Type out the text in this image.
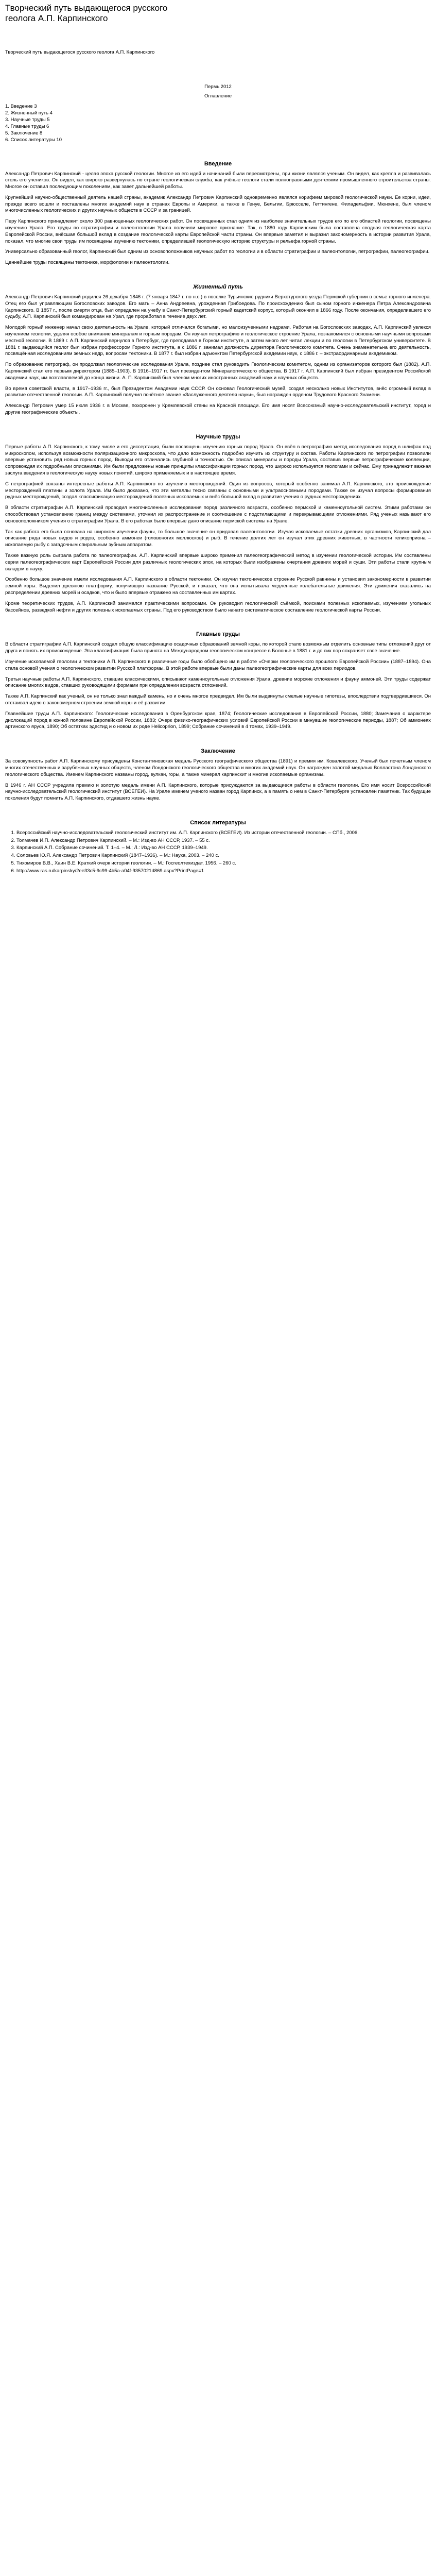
Творческий путь выдающегося русского геолога А.П. Карпинского
Творческий путь выдающегося русского геолога А.П. Карпинского
Пермь 2012
Оглавление
1. Введение 3
2. Жизненный путь 4
3. Научные труды 5
4. Главные труды 6
5. Заключение 8
6. Список литературы 10
Введение

Александр Петрович Карпинский - целая эпоха русской геологии. Многое из его идей и начинаний были пересмотрены, при жизни являлся ученым. Он видел, как крепла и развивалась столь его учеников. Он видел, как широко развернулась по стране геологическая служба, как учёные геологи стали полноправными деятелями промышленного строительства страны. Многое он оставил последующим поколениям, как завет дальнейшей работы.

Крупнейший научно-общественный деятель нашей страны, академик Александр Петрович Карпинский одновременно являлся корифеем мировой геологической науки. Ее корни, идеи, прежде всего вошли и поставлены многих академий наук в странах Европы и Америки, а также в Генуе, Бельгии, Брюсселе, Геттингене, Филадельфии, Мюнхене, был членом многочисленных геологических и других научных обществ в СССР и за границей.

Перу Карпинского принадлежит около 300 равноценных геологических работ. Он посвященных стал одним из наиболее значительных трудов его по его областей геологии, посвящены изучению Урала. Его труды по стратиграфии и палеонтологии Урала получили мировое признание. Так, в 1880 году Карпинским была составлена сводная геологическая карта Европейской России, внёсшая большой вклад в создание геологической карты Европейской части страны. Он впервые заметил и выразил закономерность в истории развития Урала, показал, что многие свои труды им посвящены изучению тектоники, определившей геологическую историю структуры и рельефа горной страны.

Универсально образованный геолог, Карпинский был одним из основоположников научных работ по геологии и в области стратиграфии и палеонтологии, петрографии, палеогеографии.

Ценнейшие труды посвящены тектонике, морфологии и палеонтологии.

Жизненный путь

Александр Петрович Карпинский родился 26 декабря 1846 г. (7 января 1847 г. по н.с.) в поселке Турьинские рудники Верхотурского уезда Пермской губернии в семье горного инженера. Отец его был управляющим Богословских заводов. Его мать – Анна Андреевна, урожденная Грибоедова. По происхождению был сыном горного инженера Петра Александровича Карпинского. В 1857 г., после смерти отца, был определен на учебу в Санкт-Петербургский горный кадетский корпус, который окончил в 1866 году. После окончания, определившего его судьбу, А.П. Карпинский был командирован на Урал, где проработал в течение двух лет.

Молодой горный инженер начал свою деятельность на Урале, который отличался богатыми, но малоизученными недрами. Работая на Богословских заводах, А.П. Карпинский увлекся изучением геологии, уделяя особое внимание минералам и горным породам. Он изучал петрографию и геологическое строение Урала, познакомился с основными научными вопросами местной геологии. В 1869 г. А.П. Карпинский вернулся в Петербург, где преподавал в Горном институте, а затем много лет читал лекции и по геологии в Петербургском университете. В 1881 г. выдающийся геолог был избран профессором Горного института, а с 1886 г. занимал должность директора Геологического комитета. Очень знаменательна его деятельность, посвящённая исследованиям земных недр, вопросам тектоники. В 1877 г. был избран адъюнктом Петербургской академии наук, с 1886 г. – экстраординарным академиком.

По образованию петрограф, он продолжал геологические исследования Урала, позднее стал руководить Геологическим комитетом, одним из организаторов которого был (1882). А.П. Карпинский стал его первым директором (1885–1903). В 1916–1917 гг. был президентом Минералогического общества. В 1917 г. А.П. Карпинский был избран президентом Российской академии наук, им возглавляемой до конца жизни. А. П. Карпинский был членом многих иностранных академий наук и научных обществ.

Во время советской власти, в 1917–1936 гг., был Президентом Академии наук СССР. Он основал Геологический музей, создал несколько новых Институтов, внёс огромный вклад в развитие отечественной геологии. А.П. Карпинский получил почётное звание «Заслуженного деятеля науки», был награжден орденом Трудового Красного Знамени.

Александр Петрович умер 15 июля 1936 г. в Москве, похоронен у Кремлевской стены на Красной площади. Его имя носят Всесоюзный научно-исследовательский институт, город и другие географические объекты.

Научные труды

Первые работы А.П. Карпинского, к тому числе и его диссертация, были посвящены изучению горных пород Урала. Он ввёл в петрографию метод исследования пород в шлифах под микроскопом, используя возможности поляризационного микроскопа, что дало возможность подробно изучить их структуру и состав. Работы Карпинского по петрографии позволили впервые установить ряд новых горных пород. Выводы его отличались глубиной и точностью. Он описал минералы и породы Урала, составив первые петрографические коллекции, сопровождая их подробными описаниями. Им были предложены новые принципы классификации горных пород, что широко используется геологами и сейчас. Ему принадлежит важная заслуга введения в геологическую науку новых понятий, широко применяемых и в настоящее время.

С петрографией связаны интересные работы А.П. Карпинского по изучению месторождений. Один из вопросов, который особенно занимал А.П. Карпинского, это происхождение месторождений платины и золота Урала. Им было доказано, что эти металлы тесно связаны с основными и ультраосновными породами. Также он изучал вопросы формирования рудных месторождений, создал классификацию месторождений полезных ископаемых и внёс большой вклад в развитие учения о рудных месторождениях.

В области стратиграфии А.П. Карпинский проводил многочисленные исследования пород различного возраста, особенно пермской и каменноугольной систем. Этими работами он способствовал установлению границ между системами, уточнил их распространение и соотношение с подстилающими и перекрывающими отложениями. Ряд ученых называют его основоположником учения о стратиграфии Урала. В его работах было впервые дано описание пермской системы на Урале.

Так как работа его была основана на широком изучении фауны, то большое значение он придавал палеонтологии. Изучая ископаемые остатки древних организмов, Карпинский дал описание ряда новых видов и родов, особенно аммонеи (головоногих моллюсков) и рыб. В течение долгих лет он изучал этих древних животных, в частности геликоприона – ископаемую рыбу с загадочным спиральным зубным аппаратом.

Также важную роль сыграла работа по палеогеографии. А.П. Карпинский впервые широко применил палеогеографический метод в изучении геологической истории. Им составлены серии палеогеографических карт Европейской России для различных геологических эпох, на которых были изображены очертания древних морей и суши. Эти работы стали крупным вкладом в науку.

Особенно большое значение имели исследования А.П. Карпинского в области тектоники. Он изучил тектоническое строение Русской равнины и установил закономерности в развитии земной коры. Выделил древнюю платформу, получившую название Русской, и показал, что она испытывала медленные колебательные движения. Эти движения сказались на распределении древних морей и осадков, что и было впервые отражено на составленных им картах.

Кроме теоретических трудов, А.П. Карпинский занимался практическими вопросами. Он руководил геологической съёмкой, поисками полезных ископаемых, изучением угольных бассейнов, разведкой нефти и других полезных ископаемых страны. Под его руководством было начато систематическое составление геологической карты России.

Главные труды

В области стратиграфии А.П. Карпинский создал общую классификацию осадочных образований земной коры, по которой стало возможным отделить основные типы отложений друг от друга и понять их происхождение. Эта классификация была принята на Международном геологическом конгрессе в Болонье в 1881 г. и до сих пор сохраняет свое значение.

Изучение ископаемой геологии и тектоники А.П. Карпинского в различные годы было обобщено им в работе «Очерки геологического прошлого Европейской России» (1887–1894). Она стала основой учения о геологическом развитии Русской платформы. В этой работе впервые были даны палеогеографические карты для всех периодов.

Третьи научные работы А.П. Карпинского, ставшие классическими, описывают каменноугольные отложения Урала, древние морские отложения и фауну аммоней. Эти труды содержат описание многих видов, ставших руководящими формами при определении возраста отложений.

Также А.П. Карпинский как ученый, он не только знал каждый камень, но и очень многое предвидел. Им были выдвинуты смелые научные гипотезы, впоследствии подтвердившиеся. Он отстаивал идею о закономерном строении земной коры и её развитии.

Главнейшие труды А.П. Карпинского: Геологические исследования в Оренбургском крае, 1874; Геологические исследования в Европейской России, 1880; Замечания о характере дислокаций пород в южной половине Европейской России, 1883; Очерк физико-географических условий Европейской России в минувшие геологические периоды, 1887; Об аммонеях артинского яруса, 1890; Об остатках эдестид и о новом их роде Helicoprion, 1899; Собрание сочинений в 4 томах, 1939–1949.

Заключение

За совокупность работ А.П. Карпинскому присуждены Константиновская медаль Русского географического общества (1891) и премия им. Ковалевского. Ученый был почетным членом многих отечественных и зарубежных научных обществ, членом Лондонского геологического общества и многих академий наук. Он награжден золотой медалью Волластона Лондонского геологического общества. Именем Карпинского названы город, вулкан, горы, а также минерал карпинскит и многие ископаемые организмы.

В 1946 г. АН СССР учредила премию и золотую медаль имени А.П. Карпинского, которые присуждаются за выдающиеся работы в области геологии. Его имя носит Всероссийский научно-исследовательский геологический институт (ВСЕГЕИ). На Урале именем ученого назван город Карпинск, а в память о нем в Санкт-Петербурге установлен памятник. Так будущие поколения будут помнить А.П. Карпинского, отдавшего жизнь науке.

Список литературы
1. Всероссийский научно-исследовательский геологический институт им. А.П. Карпинского (ВСЕГЕИ). Из истории отечественной геологии. – СПб., 2006.
2. Толмачев И.П. Александр Петрович Карпинский. – М.: Изд-во АН СССР, 1937. – 55 с.
3. Карпинский А.П. Собрание сочинений. Т. 1–4. – М.; Л.: Изд-во АН СССР, 1939–1949.
4. Соловьев Ю.Я. Александр Петрович Карпинский (1847–1936). – М.: Наука, 2003. – 240 с.
5. Тихомиров В.В., Хаин В.Е. Краткий очерк истории геологии. – М.: Госгеолтехиздат, 1956. – 260 с.
6. http://www.ras.ru/karpinsky/2ee33c5-9c99-4b5a-a04f-9357021d869.aspx?PrintPage=1
